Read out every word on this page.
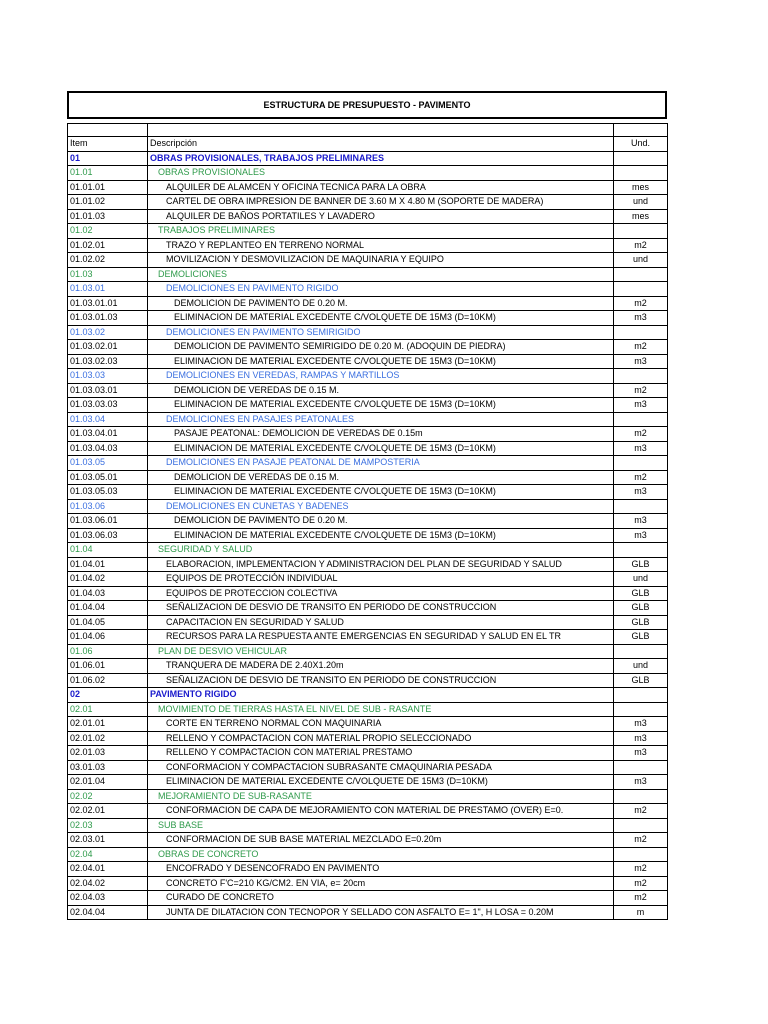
ESTRUCTURA DE PRESUPUESTO - PAVIMENTO

Item	Descripción	Und.
01	OBRAS PROVISIONALES, TRABAJOS PRELIMINARES	
01.01	OBRAS PROVISIONALES	
01.01.01	ALQUILER DE ALAMCEN Y OFICINA TECNICA PARA LA OBRA	mes
01.01.02	CARTEL DE OBRA IMPRESION DE BANNER DE 3.60 M X 4.80 M (SOPORTE DE MADERA)	und
01.01.03	ALQUILER DE BAÑOS PORTATILES Y LAVADERO	mes
01.02	TRABAJOS PRELIMINARES	
01.02.01	TRAZO Y REPLANTEO EN TERRENO NORMAL	m2
01.02.02	MOVILIZACION Y DESMOVILIZACION DE MAQUINARIA Y EQUIPO	und
01.03	DEMOLICIONES	
01.03.01	DEMOLICIONES EN PAVIMENTO RIGIDO	
01.03.01.01	DEMOLICION DE PAVIMENTO DE 0.20 M.	m2
01.03.01.03	ELIMINACION DE MATERIAL EXCEDENTE C/VOLQUETE DE 15M3 (D=10KM)	m3
01.03.02	DEMOLICIONES EN PAVIMENTO SEMIRIGIDO	
01.03.02.01	DEMOLICION DE PAVIMENTO SEMIRIGIDO DE 0.20 M. (ADOQUIN DE PIEDRA)	m2
01.03.02.03	ELIMINACION DE MATERIAL EXCEDENTE C/VOLQUETE DE 15M3 (D=10KM)	m3
01.03.03	DEMOLICIONES EN VEREDAS, RAMPAS Y MARTILLOS	
01.03.03.01	DEMOLICION DE VEREDAS DE 0.15 M.	m2
01.03.03.03	ELIMINACION DE MATERIAL EXCEDENTE C/VOLQUETE DE 15M3 (D=10KM)	m3
01.03.04	DEMOLICIONES EN PASAJES PEATONALES	
01.03.04.01	PASAJE PEATONAL: DEMOLICION DE VEREDAS DE 0.15m	m2
01.03.04.03	ELIMINACION DE MATERIAL EXCEDENTE C/VOLQUETE DE 15M3 (D=10KM)	m3
01.03.05	DEMOLICIONES EN PASAJE PEATONAL DE MAMPOSTERIA	
01.03.05.01	DEMOLICION DE VEREDAS DE 0.15 M.	m2
01.03.05.03	ELIMINACION DE MATERIAL EXCEDENTE C/VOLQUETE DE 15M3 (D=10KM)	m3
01.03.06	DEMOLICIONES EN CUNETAS Y BADENES	
01.03.06.01	DEMOLICION DE PAVIMENTO DE 0.20 M.	m3
01.03.06.03	ELIMINACION DE MATERIAL EXCEDENTE C/VOLQUETE DE 15M3 (D=10KM)	m3
01.04	SEGURIDAD Y SALUD	
01.04.01	ELABORACION, IMPLEMENTACION Y ADMINISTRACION DEL PLAN DE SEGURIDAD Y SALUD	GLB
01.04.02	EQUIPOS DE PROTECCIÓN INDIVIDUAL	und
01.04.03	EQUIPOS DE PROTECCION COLECTIVA	GLB
01.04.04	SEÑALIZACION DE DESVIO DE TRANSITO EN PERIODO DE CONSTRUCCION	GLB
01.04.05	CAPACITACION EN SEGURIDAD Y SALUD	GLB
01.04.06	RECURSOS PARA LA RESPUESTA ANTE EMERGENCIAS EN SEGURIDAD Y SALUD EN EL TR	GLB
01.06	PLAN DE DESVIO VEHICULAR	
01.06.01	TRANQUERA DE MADERA DE 2.40X1.20m	und
01.06.02	SEÑALIZACION DE DESVIO DE TRANSITO EN PERIODO DE CONSTRUCCION	GLB
02	PAVIMENTO RIGIDO	
02.01	MOVIMIENTO DE TIERRAS HASTA EL NIVEL DE SUB - RASANTE	
02.01.01	CORTE EN TERRENO NORMAL CON MAQUINARIA	m3
02.01.02	RELLENO Y COMPACTACION CON MATERIAL PROPIO SELECCIONADO	m3
02.01.03	RELLENO Y COMPACTACION CON MATERIAL PRESTAMO	m3
03.01.03	CONFORMACION Y COMPACTACION SUBRASANTE CMAQUINARIA PESADA	
02.01.04	ELIMINACION DE MATERIAL EXCEDENTE C/VOLQUETE DE 15M3 (D=10KM)	m3
02.02	MEJORAMIENTO DE SUB-RASANTE	
02.02.01	CONFORMACION DE CAPA DE MEJORAMIENTO CON MATERIAL DE PRESTAMO (OVER) E=0.	m2
02.03	SUB BASE	
02.03.01	CONFORMACION DE SUB BASE MATERIAL MEZCLADO E=0.20m	m2
02.04	OBRAS DE CONCRETO	
02.04.01	ENCOFRADO Y DESENCOFRADO EN PAVIMENTO	m2
02.04.02	CONCRETO F'C=210 KG/CM2. EN VIA, e= 20cm	m2
02.04.03	CURADO DE CONCRETO	m2
02.04.04	JUNTA DE DILATACION CON TECNOPOR Y SELLADO CON ASFALTO E= 1", H LOSA = 0.20M	m
